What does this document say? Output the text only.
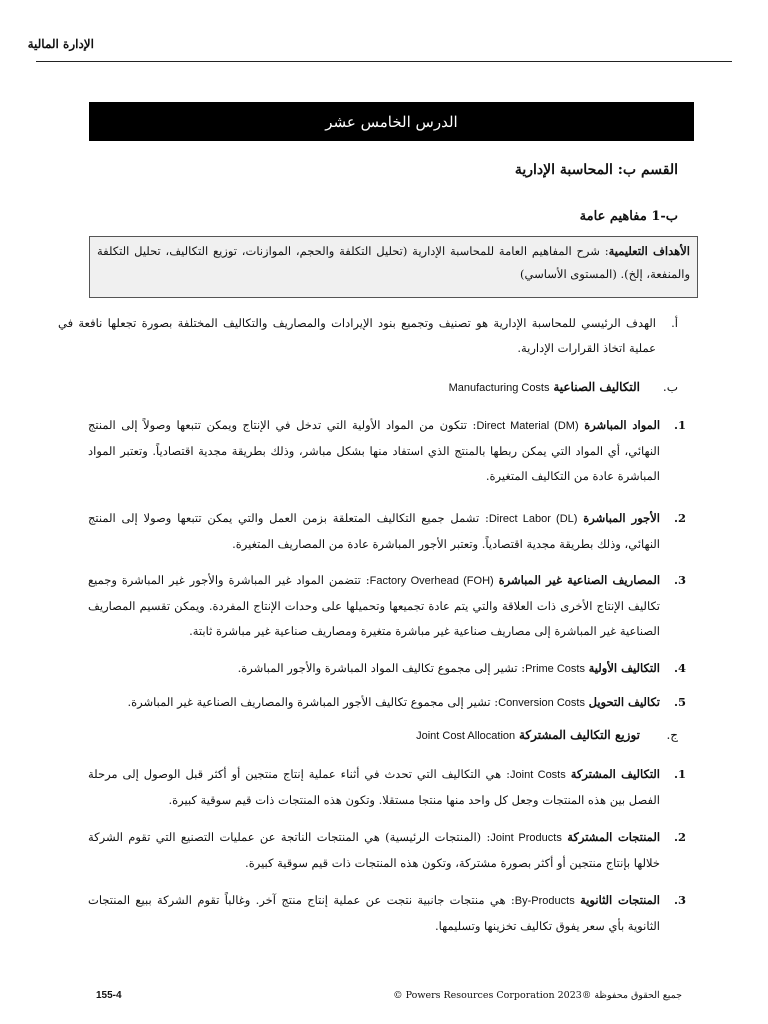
الإدارة المالية
الدرس الخامس عشر
القسم ب: المحاسبة الإدارية
ب-1 مفاهيم عامة
الأهداف التعليمية: شرح المفاهيم العامة للمحاسبة الإدارية (تحليل التكلفة والحجم، الموازنات، توزيع التكاليف، تحليل التكلفة والمنفعة، إلخ). (المستوى الأساسي)
أ.
الهدف الرئيسي للمحاسبة الإدارية هو تصنيف وتجميع بنود الإيرادات والمصاريف والتكاليف المختلفة بصورة تجعلها نافعة في عملية اتخاذ القرارات الإدارية.
ب.
التكاليف الصناعية Manufacturing Costs
1.
المواد المباشرة Direct Material (DM): تتكون من المواد الأولية التي تدخل في الإنتاج ويمكن تتبعها وصولاً إلى المنتج النهائي، أي المواد التي يمكن ربطها بالمنتج الذي استفاد منها بشكل مباشر، وذلك بطريقة مجدية اقتصادياً. وتعتبر المواد المباشرة عادة من التكاليف المتغيرة.
2.
الأجور المباشرة Direct Labor (DL): تشمل جميع التكاليف المتعلقة بزمن العمل والتي يمكن تتبعها وصولا إلى المنتج النهائي، وذلك بطريقة مجدية اقتصادياً. وتعتبر الأجور المباشرة عادة من المصاريف المتغيرة.
3.
المصاريف الصناعية غير المباشرة Factory Overhead (FOH): تتضمن المواد غير المباشرة والأجور غير المباشرة وجميع تكاليف الإنتاج الأخرى ذات العلاقة والتي يتم عادة تجميعها وتحميلها على وحدات الإنتاج المفردة. ويمكن تقسيم المصاريف الصناعية غير المباشرة إلى مصاريف صناعية غير مباشرة متغيرة ومصاريف صناعية غير مباشرة ثابتة.
4.
التكاليف الأولية Prime Costs: تشير إلى مجموع تكاليف المواد المباشرة والأجور المباشرة.
5.
تكاليف التحويل Conversion Costs: تشير إلى مجموع تكاليف الأجور المباشرة والمصاريف الصناعية غير المباشرة.
ج.
توزيع التكاليف المشتركة Joint Cost Allocation
1.
التكاليف المشتركة Joint Costs: هي التكاليف التي تحدث في أثناء عملية إنتاج منتجين أو أكثر قبل الوصول إلى مرحلة الفصل بين هذه المنتجات وجعل كل واحد منها منتجا مستقلا. وتكون هذه المنتجات ذات قيم سوقية كبيرة.
2.
المنتجات المشتركة Joint Products: (المنتجات الرئيسية) هي المنتجات الناتجة عن عمليات التصنيع التي تقوم الشركة خلالها بإنتاج منتجين أو أكثر بصورة مشتركة، وتكون هذه المنتجات ذات قيم سوقية كبيرة.
3.
المنتجات الثانوية By-Products: هي منتجات جانبية نتجت عن عملية إنتاج منتج آخر. وغالباً تقوم الشركة ببيع المنتجات الثانوية بأي سعر يفوق تكاليف تخزينها وتسليمها.
155-4	جميع الحقوق محفوظة ®Powers Resources Corporation 2023 ©
